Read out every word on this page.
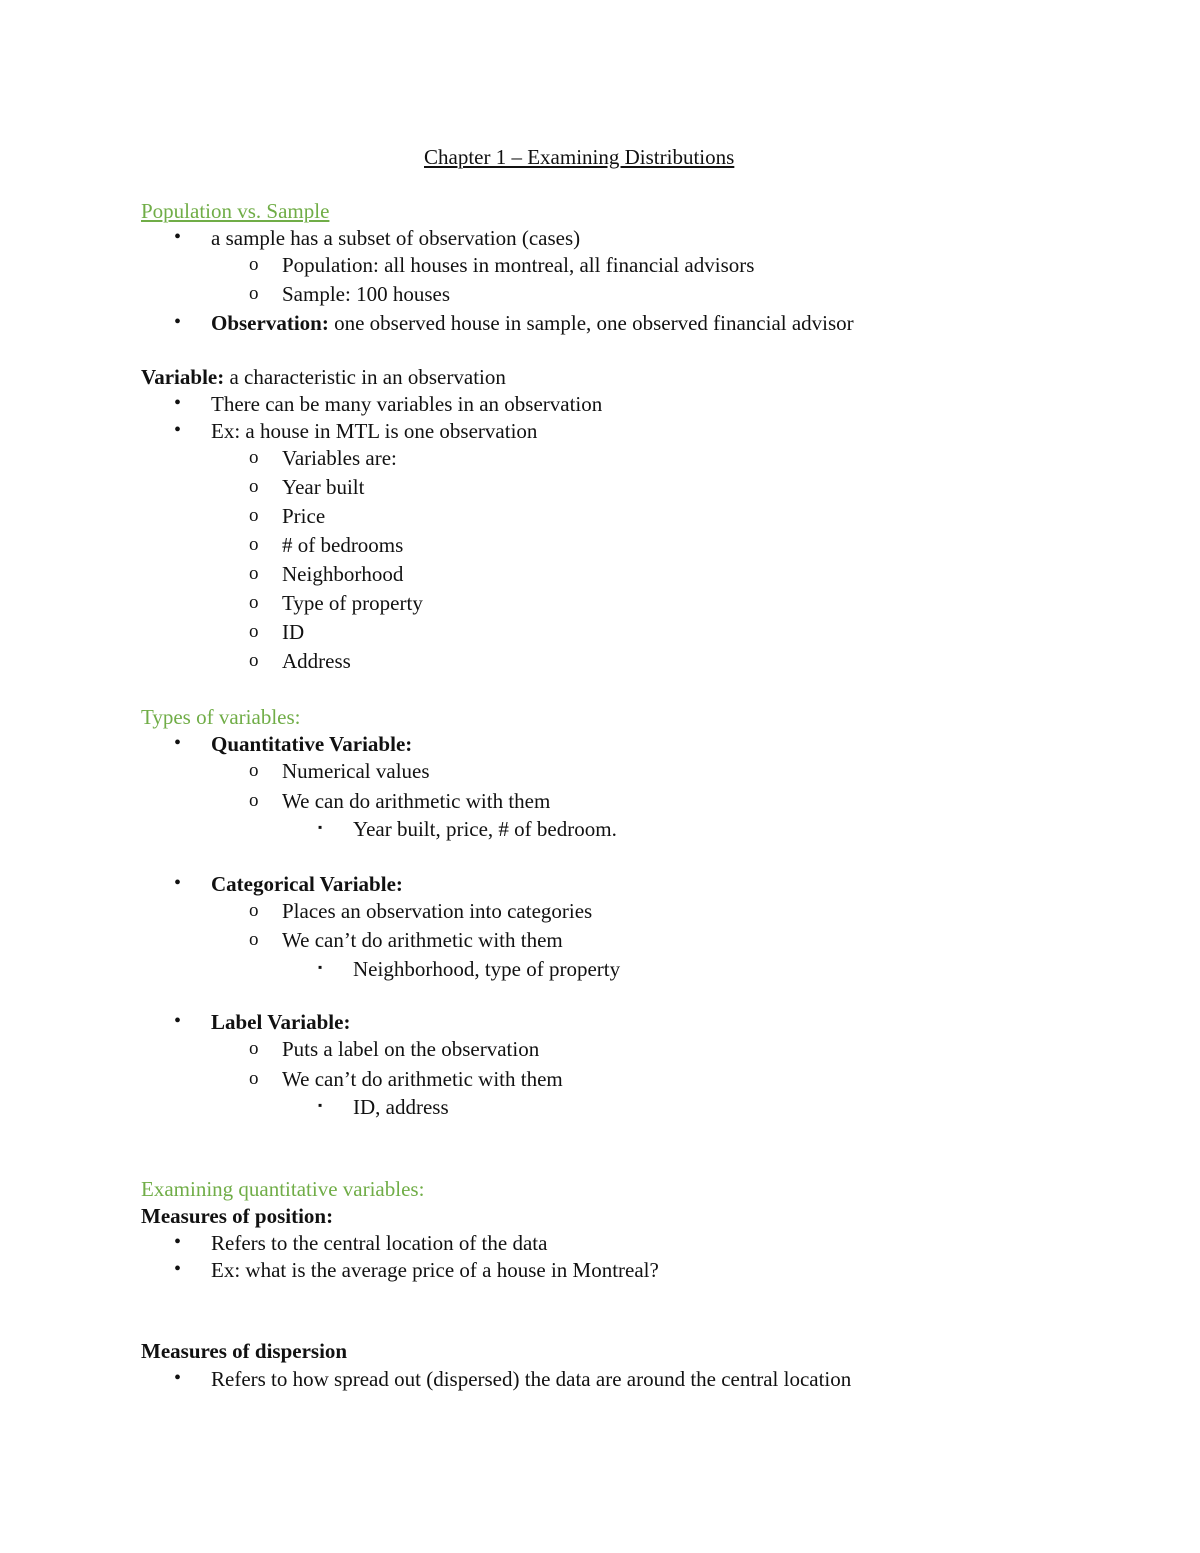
Chapter 1 – Examining Distributions
Population vs. Sample
• a sample has a subset of observation (cases)
o Population: all houses in montreal, all financial advisors
o Sample: 100 houses
• Observation: one observed house in sample, one observed financial advisor
Variable: a characteristic in an observation
• There can be many variables in an observation
• Ex: a house in MTL is one observation
o Variables are:
o Year built
o Price
o # of bedrooms
o Neighborhood
o Type of property
o ID
o Address
Types of variables:
• Quantitative Variable:
o Numerical values
o We can do arithmetic with them
▪ Year built, price, # of bedroom.
• Categorical Variable:
o Places an observation into categories
o We can’t do arithmetic with them
▪ Neighborhood, type of property
• Label Variable:
o Puts a label on the observation
o We can’t do arithmetic with them
▪ ID, address
Examining quantitative variables:
Measures of position:
• Refers to the central location of the data
• Ex: what is the average price of a house in Montreal?
Measures of dispersion
• Refers to how spread out (dispersed) the data are around the central location
